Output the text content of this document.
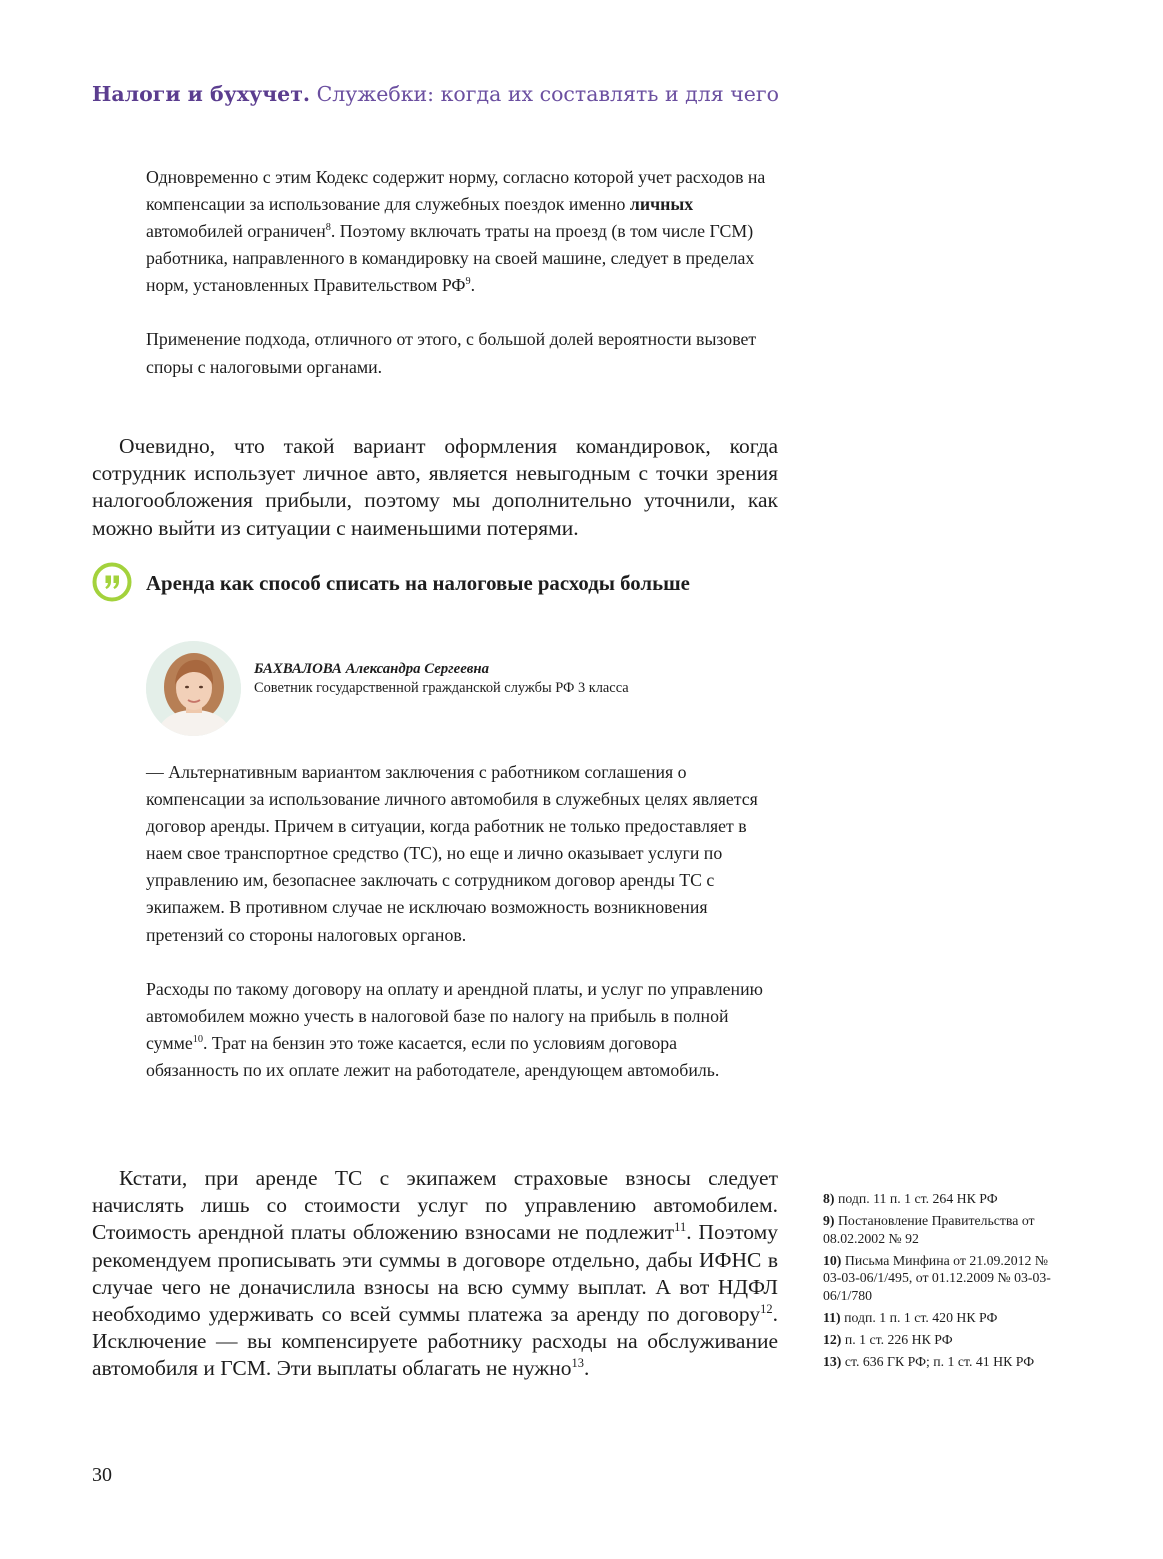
Налоги и бухучет. Служебки: когда их составлять и для чего

Одновременно с этим Кодекс содержит норму, согласно которой учет расходов на компенсации за использование для служебных поездок именно личных автомобилей ограничен$^8$. Поэтому включать траты на проезд (в том числе ГСМ) работника, направленного в командировку на своей машине, следует в пределах норм, установленных Правительством $РФ^9$.

Применение подхода, отличного от этого, с большой долей вероятности вызовет споры с налоговыми органами.

Очевидно, что такой вариант оформления командировок, когда сотрудник использует личное авто, является невыгодным с точки зрения налогообложения прибыли, поэтому мы дополнительно уточнили, как можно выйти из ситуации с наименьшими потерями.

Аренда как способ списать на налоговые расходы больше
БАХВАЛОВА Александра Сергеевна
Советник государственной гражданской службы РФ 3 класса

— Альтернативным вариантом заключения с работником соглашения о компенсации за использование личного автомобиля в служебных целях является договор аренды. Причем в ситуации, когда работник не только предоставляет в наем свое транспортное средство (ТС), но еще и лично оказывает услуги по управлению им, безопаснее заключать с сотрудником договор аренды ТС с экипажем. В противном случае не исключаю возможность возникновения претензий со стороны налоговых органов.

Расходы по такому договору на оплату и арендной платы, и услуг по управлению автомобилем можно учесть в налоговой базе по налогу на прибыль в полной сумме$^{10}$. Трат на бензин это тоже касается, если по условиям договора обязанность по их оплате лежит на работодателе, арендующем автомобиль.

Кстати, при аренде ТС с экипажем страховые взносы следует начислять лишь со стоимости услуг по управлению автомобилем. Стоимость арендной платы обложению взносами не подлежит$^{11}$. Поэтому рекомендуем прописывать эти суммы в договоре отдельно, дабы ИФНС в случае чего не доначислила взносы на всю сумму выплат. А вот НДФЛ необходимо удерживать со всей суммы платежа за аренду по договору$^{12}$. Исключение — вы компенсируете работнику расходы на обслуживание автомобиля и ГСМ. Эти выплаты облагать не нужно$^{13}$.

8) подп. 11 п. 1 ст. 264 НК РФ
9) Постановление Правительства от 08.02.2002 № 92
10) Письма Минфина от 21.09.2012 № 03-03-06/1/495, от 01.12.2009 № 03-03-06/1/780
11) подп. 1 п. 1 ст. 420 НК РФ
12) п. 1 ст. 226 НК РФ
13) ст. 636 ГК РФ; п. 1 ст. 41 НК РФ
30
